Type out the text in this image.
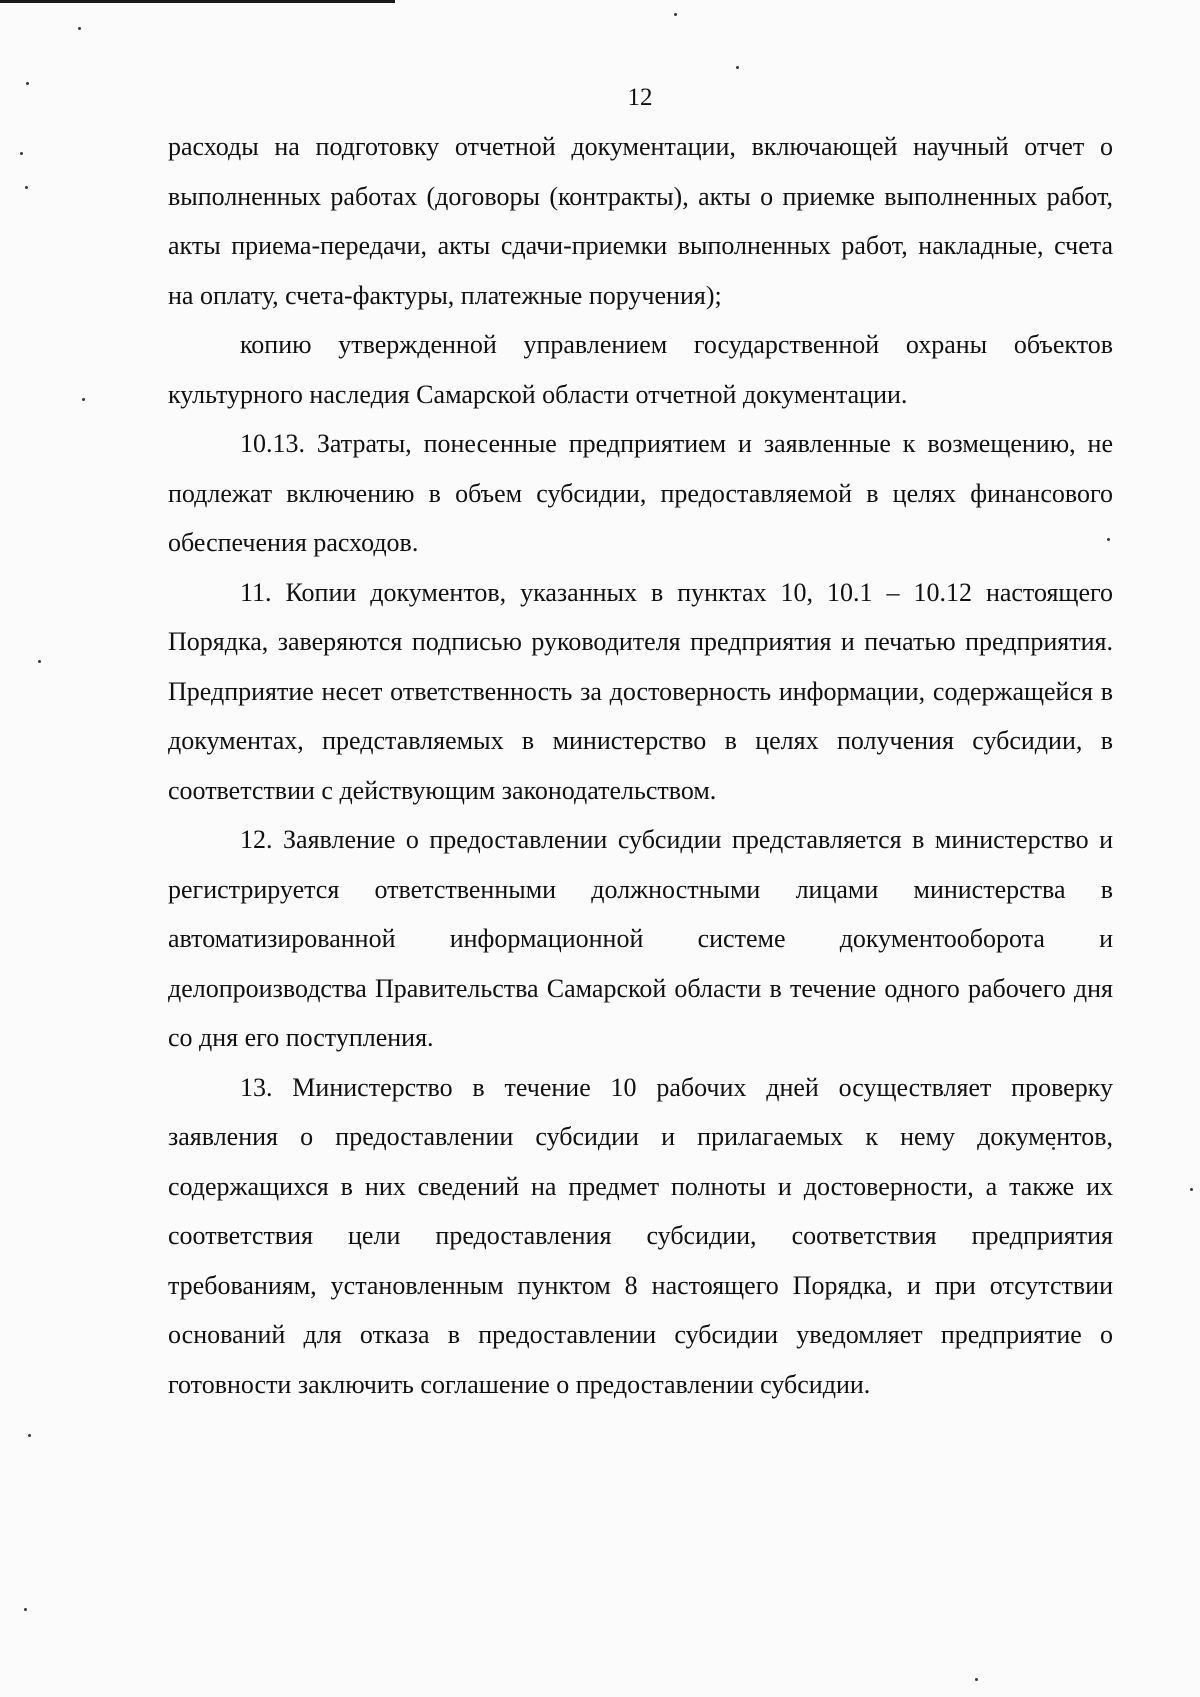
12

расходы на подготовку отчетной документации, включающей научный отчет о выполненных работах (договоры (контракты), акты о приемке выполненных работ, акты приема-передачи, акты сдачи-приемки выполненных работ, накладные, счета на оплату, счета-фактуры, платежные поручения);

копию утвержденной управлением государственной охраны объектов культурного наследия Самарской области отчетной документации.

10.13. Затраты, понесенные предприятием и заявленные к возмещению, не подлежат включению в объем субсидии, предоставляемой в целях финансового обеспечения расходов.

11. Копии документов, указанных в пунктах 10, 10.1 – 10.12 настоящего Порядка, заверяются подписью руководителя предприятия и печатью предприятия. Предприятие несет ответственность за достоверность информации, содержащейся в документах, представляемых в министерство в целях получения субсидии, в соответствии с действующим законодательством.

12. Заявление о предоставлении субсидии представляется в министерство и регистрируется ответственными должностными лицами министерства в автоматизированной информационной системе документооборота и делопроизводства Правительства Самарской области в течение одного рабочего дня со дня его поступления.

13. Министерство в течение 10 рабочих дней осуществляет проверку заявления о предоставлении субсидии и прилагаемых к нему документов, содержащихся в них сведений на предмет полноты и достоверности, а также их соответствия цели предоставления субсидии, соответствия предприятия требованиям, установленным пунктом 8 настоящего Порядка, и при отсутствии оснований для отказа в предоставлении субсидии уведомляет предприятие о готовности заключить соглашение о предоставлении субсидии.
